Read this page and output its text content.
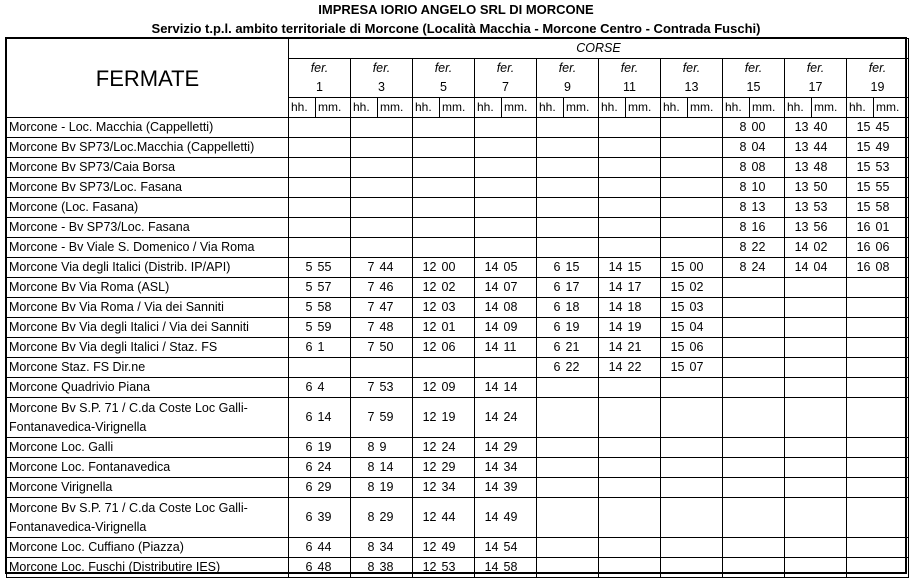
IMPRESA IORIO ANGELO SRL DI MORCONE
Servizio t.p.l. ambito territoriale di Morcone (Località Macchia - Morcone Centro - Contrada Fuschi)
FERMATE	CORSE																			
	fer.		fer.		fer.		fer.		fer.		fer.		fer.		fer.		fer.		fer.	
	1		3		5		7		9		11		13		15		17		19	
	hh.	mm.	hh.	mm.	hh.	mm.	hh.	mm.	hh.	mm.	hh.	mm.	hh.	mm.	hh.	mm.	hh.	mm.	hh.	mm.
Morcone - Loc. Macchia (Cappelletti)															8	00	13	40	15	45
Morcone Bv SP73/Loc.Macchia (Cappelletti)															8	04	13	44	15	49
Morcone Bv SP73/Caia Borsa															8	08	13	48	15	53
Morcone Bv SP73/Loc. Fasana															8	10	13	50	15	55
Morcone (Loc. Fasana)															8	13	13	53	15	58
Morcone - Bv SP73/Loc. Fasana															8	16	13	56	16	01
Morcone - Bv Viale S. Domenico / Via Roma															8	22	14	02	16	06
Morcone Via degli Italici (Distrib. IP/API)	5	55	7	44	12	00	14	05	6	15	14	15	15	00	8	24	14	04	16	08
Morcone Bv Via Roma (ASL)	5	57	7	46	12	02	14	07	6	17	14	17	15	02						
Morcone Bv Via Roma / Via dei Sanniti	5	58	7	47	12	03	14	08	6	18	14	18	15	03						
Morcone Bv Via degli Italici / Via dei Sanniti	5	59	7	48	12	01	14	09	6	19	14	19	15	04						
Morcone Bv Via degli Italici / Staz. FS	6	1	7	50	12	06	14	11	6	21	14	21	15	06						
Morcone Staz. FS Dir.ne									6	22	14	22	15	07						
Morcone Quadrivio Piana	6	4	7	53	12	09	14	14												
Morcone Bv S.P. 71 / C.da Coste Loc Galli-Fontanavedica-Virignella	6	14	7	59	12	19	14	24												
Morcone Loc. Galli	6	19	8	9	12	24	14	29												
Morcone Loc. Fontanavedica	6	24	8	14	12	29	14	34												
Morcone Virignella	6	29	8	19	12	34	14	39												
Morcone Bv S.P. 71 / C.da Coste Loc Galli-Fontanavedica-Virignella	6	39	8	29	12	44	14	49												
Morcone Loc. Cuffiano (Piazza)	6	44	8	34	12	49	14	54												
Morcone Loc. Fuschi (Distributire IES)	6	48	8	38	12	53	14	58												
